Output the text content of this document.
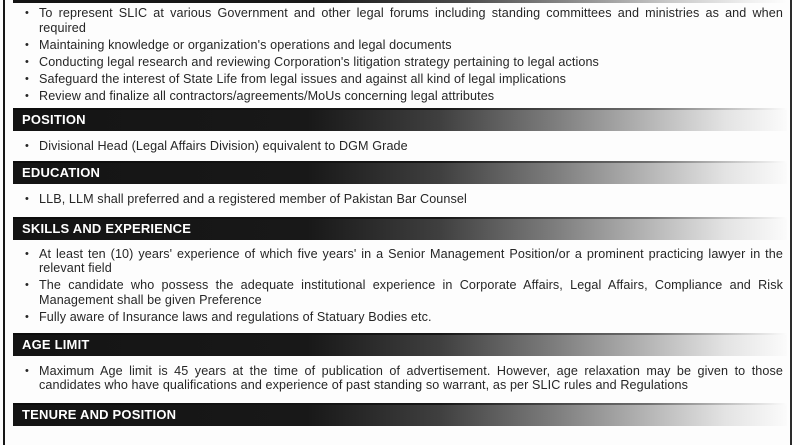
• To represent SLIC at various Government and other legal forums including standing committees and ministries as and when required
• Maintaining knowledge or organization's operations and legal documents
• Conducting legal research and reviewing Corporation's litigation strategy pertaining to legal actions
• Safeguard the interest of State Life from legal issues and against all kind of legal implications
• Review and finalize all contractors/agreements/MoUs concerning legal attributes
POSITION
• Divisional Head (Legal Affairs Division) equivalent to DGM Grade
EDUCATION
• LLB, LLM shall preferred and a registered member of Pakistan Bar Counsel
SKILLS AND EXPERIENCE
• At least ten (10) years' experience of which five years' in a Senior Management Position/or a prominent practicing lawyer in the relevant field
• The candidate who possess the adequate institutional experience in Corporate Affairs, Legal Affairs, Compliance and Risk Management shall be given Preference
• Fully aware of Insurance laws and regulations of Statuary Bodies etc.
AGE LIMIT
• Maximum Age limit is 45 years at the time of publication of advertisement. However, age relaxation may be given to those candidates who have qualifications and experience of past standing so warrant, as per SLIC rules and Regulations
TENURE AND POSITION
